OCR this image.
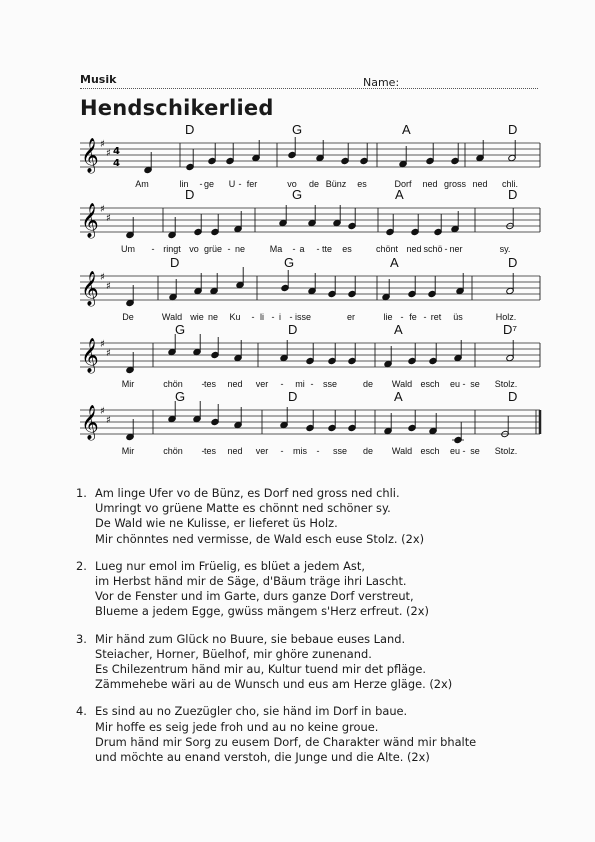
Musik	Name:
Hendschikerlied
𝄞 ♯
♯ 4
4
D	G	A	D
Am	lin - ge U - fer	vo de Bünz es	Dorf ned gross ned chli.
𝄞 ♯
♯
D	G	A	D
Um - ringt vo grüe - ne	Ma - a - tte es	chönt ned schö - ner	sy.
𝄞 ♯
♯
D	G	A	D
De	Wald wie ne Ku - li - i - isse	er	lie - fe - ret üs	Holz.
𝄞 ♯
♯
G	D	A	D⁷
Mir	chön - tes ned ver - mi - sse	de Wald esch eu - se Stolz.
𝄞 ♯
♯
G	D	A	D
Mir	chön - tes ned ver - mis - sse de Wald esch eu - se Stolz.
1. Am linge Ufer vo de Bünz, es Dorf ned gross ned chli.
Umringt vo grüene Matte es chönnt ned schöner sy.
De Wald wie ne Kulisse, er lieferet üs Holz.
Mir chönntes ned vermisse, de Wald esch euse Stolz. (2x)
2. Lueg nur emol im Früelig, es blüet a jedem Ast,
im Herbst händ mir de Säge, d'Bäum träge ihri Lascht.
Vor de Fenster und im Garte, durs ganze Dorf verstreut,
Blueme a jedem Egge, gwüss mängem s'Herz erfreut. (2x)
3. Mir händ zum Glück no Buure, sie bebaue euses Land.
Steiacher, Horner, Büelhof, mir ghöre zunenand.
Es Chilezentrum händ mir au, Kultur tuend mir det pfläge.
Zämmehebe wäri au de Wunsch und eus am Herze gläge. (2x)
4. Es sind au no Zuezügler cho, sie händ im Dorf in baue.
Mir hoffe es seig jede froh und au no keine groue.
Drum händ mir Sorg zu eusem Dorf, de Charakter wänd mir bhalte
und möchte au enand verstoh, die Junge und die Alte. (2x)
